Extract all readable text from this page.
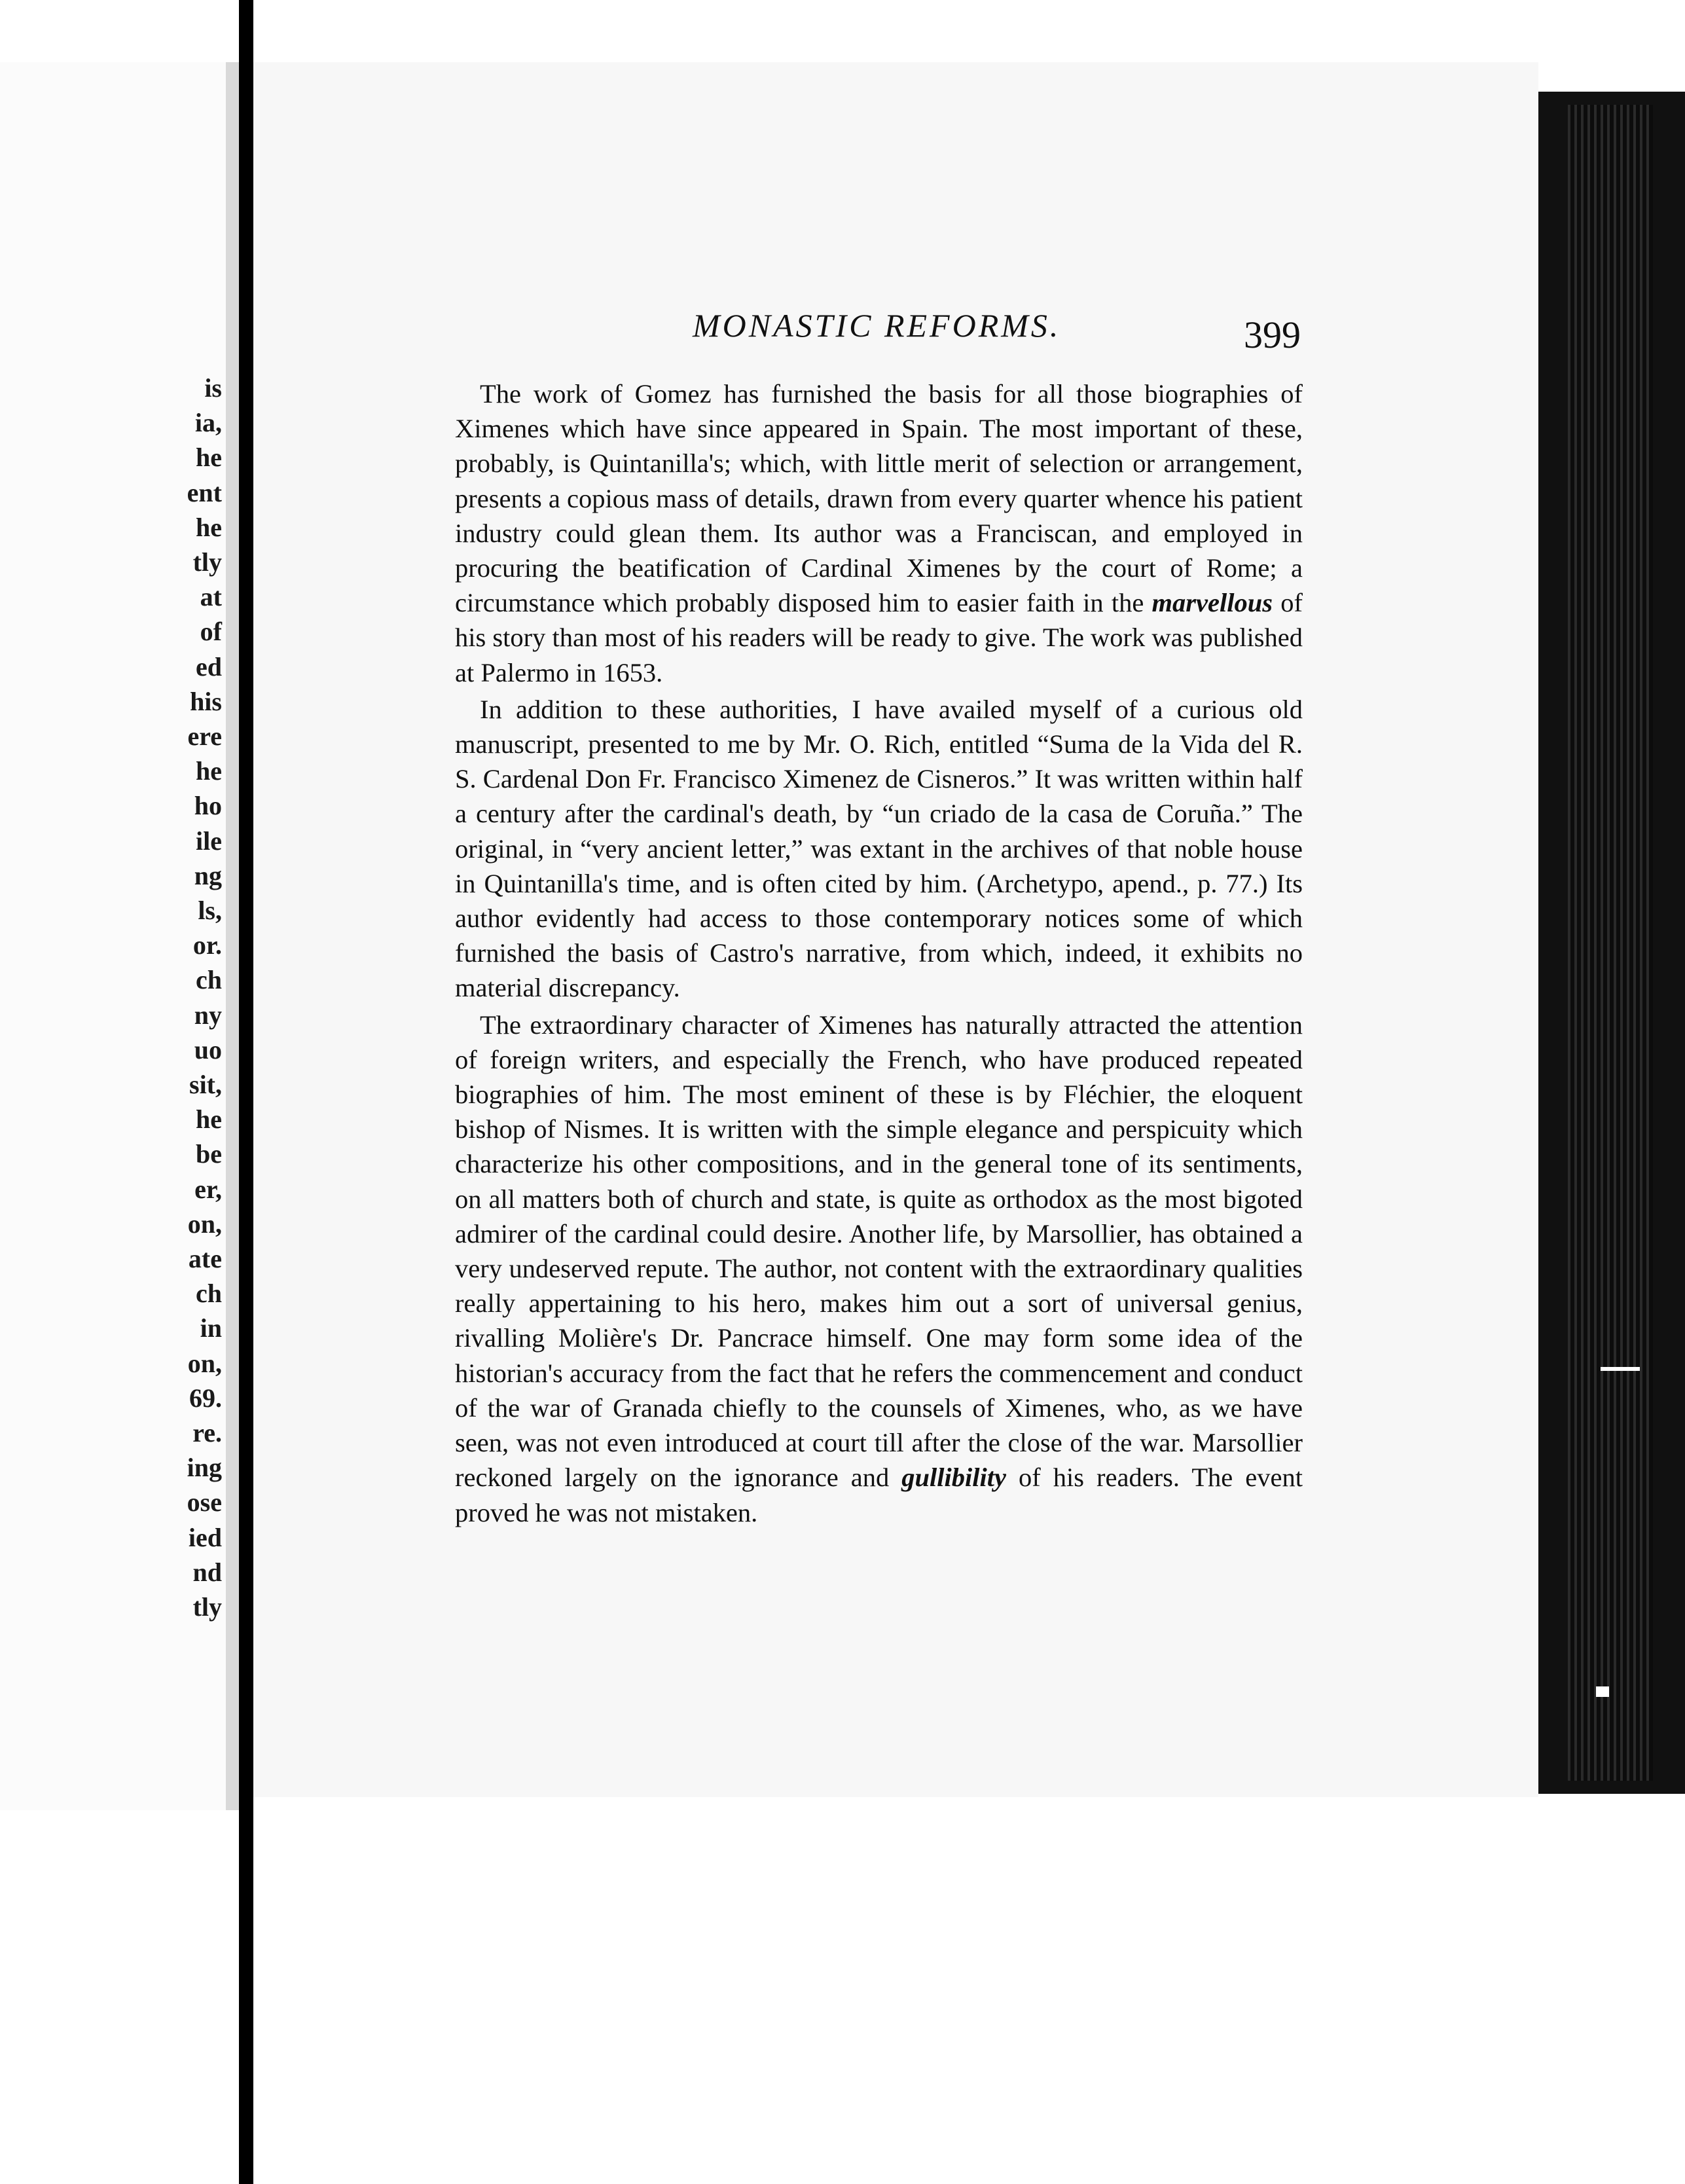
is
ia,
he
ent
he
tly
at
of
ed
his
ere
he
ho
ile
ng
ls,
or.
ch
ny
uo
sit,
he
be
er,
on,
ate
ch
in
on,
69.
re.
ing
ose
ied
nd
tly
MONASTIC REFORMS.	399

The work of Gomez has furnished the basis for all those biographies of Ximenes which have since appeared in Spain. The most important of these, probably, is Quintanilla's; which, with little merit of selection or arrangement, presents a copious mass of details, drawn from every quarter whence his patient industry could glean them. Its author was a Franciscan, and employed in procuring the beatification of Cardinal Ximenes by the court of Rome; a circumstance which probably disposed him to easier faith in the marvellous of his story than most of his readers will be ready to give. The work was published at Palermo in 1653.

In addition to these authorities, I have availed myself of a curious old manuscript, presented to me by Mr. O. Rich, entitled “Suma de la Vida del R. S. Cardenal Don Fr. Francisco Ximenez de Cisneros.” It was written within half a century after the cardinal's death, by “un criado de la casa de Coruña.” The original, in “very ancient letter,” was extant in the archives of that noble house in Quintanilla's time, and is often cited by him. (Archetypo, apend., p. 77.) Its author evidently had access to those contemporary notices some of which furnished the basis of Castro's narrative, from which, indeed, it exhibits no material discrepancy.

The extraordinary character of Ximenes has naturally attracted the attention of foreign writers, and especially the French, who have produced repeated biographies of him. The most eminent of these is by Fléchier, the eloquent bishop of Nismes. It is written with the simple elegance and perspicuity which characterize his other compositions, and in the general tone of its sentiments, on all matters both of church and state, is quite as orthodox as the most bigoted admirer of the cardinal could desire. Another life, by Marsollier, has obtained a very undeserved repute. The author, not content with the extraordinary qualities really appertaining to his hero, makes him out a sort of universal genius, rivalling Molière's Dr. Pancrace himself. One may form some idea of the historian's accuracy from the fact that he refers the commencement and conduct of the war of Granada chiefly to the counsels of Ximenes, who, as we have seen, was not even introduced at court till after the close of the war. Marsollier reckoned largely on the ignorance and gullibility of his readers. The event proved he was not mistaken.
